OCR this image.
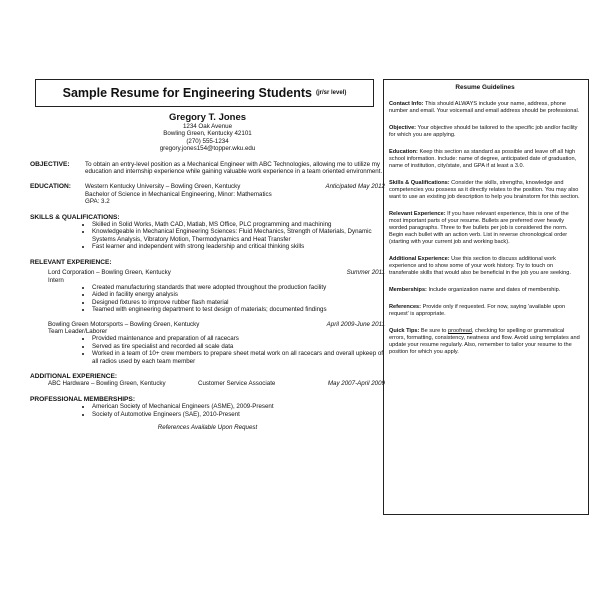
Sample Resume for Engineering Students (jr/sr level)
Gregory T. Jones
1234 Oak Avenue
Bowling Green, Kentucky 42101
(270) 555-1234
gregory.jones154@topper.wku.edu
OBJECTIVE:	To obtain an entry-level position as a Mechanical Engineer with ABC Technologies, allowing me to utilize my education and internship experience while gaining valuable work experience in a team oriented environment.
EDUCATION:	Western Kentucky University – Bowling Green, Kentucky	Anticipated May 2012
Bachelor of Science in Mechanical Engineering, Minor: Mathematics
GPA: 3.2
SKILLS & QUALIFICATIONS:
• Skilled in Solid Works, Math CAD, Matlab, MS Office, PLC programming and machining
• Knowledgeable in Mechanical Engineering Sciences: Fluid Mechanics, Strength of Materials, Dynamic Systems Analysis, Vibratory Motion, Thermodynamics and Heat Transfer
• Fast learner and independent with strong leadership and critical thinking skills
RELEVANT EXPERIENCE:
Lord Corporation – Bowling Green, Kentucky	Summer 2011
Intern
• Created manufacturing standards that were adopted throughout the production facility
• Aided in facility energy analysis
• Designed fixtures to improve rubber flash material
• Teamed with engineering department to test design of materials; documented findings
Bowling Green Motorsports – Bowling Green, Kentucky	April 2009-June 2011
Team Leader/Laborer
• Provided maintenance and preparation of all racecars
• Served as tire specialist and recorded all scale data
• Worked in a team of 10+ crew members to prepare sheet metal work on all racecars and overall upkeep of all radios used by each team member
ADDITIONAL EXPERIENCE:
ABC Hardware – Bowling Green, Kentucky	Customer Service Associate	May 2007-April 2009
PROFESSIONAL MEMBERSHIPS:
• American Society of Mechanical Engineers (ASME), 2009-Present
• Society of Automotive Engineers (SAE), 2010-Present
References Available Upon Request
Resume Guidelines

Contact Info: This should ALWAYS include your name, address, phone number and email. Your voicemail and email address should be professional.

Objective: Your objective should be tailored to the specific job and/or facility for which you are applying.

Education: Keep this section as standard as possible and leave off all high school information. Include: name of degree, anticipated date of graduation, name of institution, city/state, and GPA if at least a 3.0.

Skills & Qualifications: Consider the skills, strengths, knowledge and competencies you possess as it directly relates to the position. You may also want to use an existing job description to help you brainstorm for this section.

Relevant Experience: If you have relevant experience, this is one of the most important parts of your resume. Bullets are preferred over heavily worded paragraphs. Three to five bullets per job is considered the norm. Begin each bullet with an action verb. List in reverse chronological order (starting with your current job and working back).

Additional Experience: Use this section to discuss additional work experience and to show some of your work history. Try to touch on transferable skills that would also be beneficial in the job you are seeking.

Memberships: Include organization name and dates of membership.

References: Provide only if requested. For now, saying 'available upon request' is appropriate.

Quick Tips: Be sure to proofread, checking for spelling or grammatical errors, formatting, consistency, neatness and flow. Avoid using templates and update your resume regularly. Also, remember to tailor your resume to the position for which you apply.
